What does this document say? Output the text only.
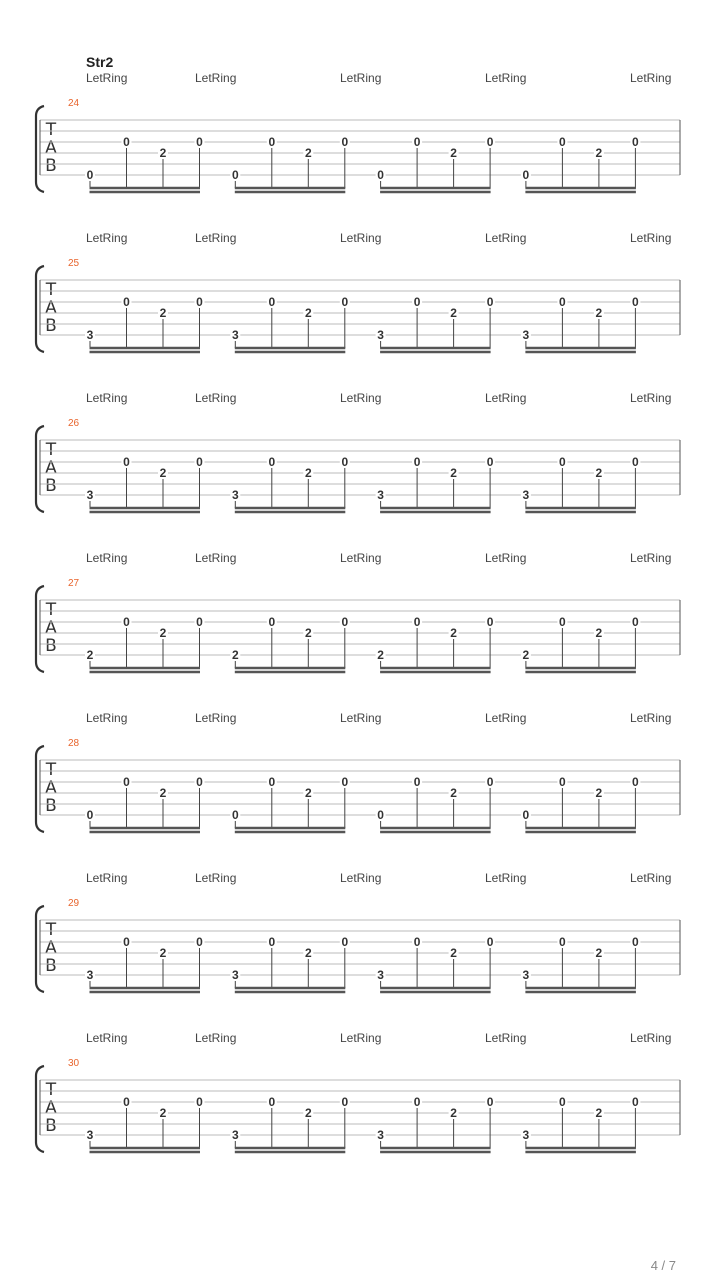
Str2
LetRing	LetRing	LetRing	LetRing	LetRing
24
T
A
B 0
0
2
0
0
0
2
0
0
0
2
0
0
0
2
0
LetRing	LetRing	LetRing	LetRing	LetRing
25
T
A
B 3
0
2
0
3
0
2
0
3
0
2
0
3
0
2
0
LetRing	LetRing	LetRing	LetRing	LetRing
26
T
A
B 3
0
2
0
3
0
2
0
3
0
2
0
3
0
2
0
LetRing	LetRing	LetRing	LetRing	LetRing
27
T
A
B 2
0
2
0
2
0
2
0
2
0
2
0
2
0
2
0
LetRing	LetRing	LetRing	LetRing	LetRing
28
T
A
B 0
0
2
0
0
0
2
0
0
0
2
0
0
0
2
0
LetRing	LetRing	LetRing	LetRing	LetRing
29
T
A
B 3
0
2
0
3
0
2
0
3
0
2
0
3
0
2
0
LetRing	LetRing	LetRing	LetRing	LetRing
30
T
A
B 3
0
2
0
3
0
2
0
3
0
2
0
3
0
2
0
4 / 7
